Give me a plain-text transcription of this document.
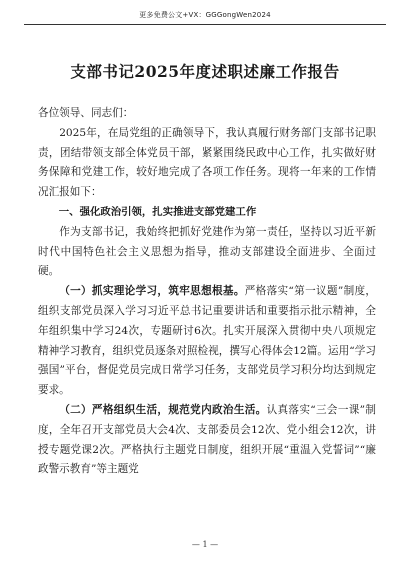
更多免费公文+VX：GGGongWen2024
支部书记2025年度述职述廉工作报告

各位领导、同志们：

2025年，在局党组的正确领导下，我认真履行财务部门支部书记职责，团结带领支部全体党员干部，紧紧围绕民政中心工作，扎实做好财务保障和党建工作，较好地完成了各项工作任务。现将一年来的工作情况汇报如下：

一、强化政治引领，扎实推进支部党建工作

作为支部书记，我始终把抓好党建作为第一责任，坚持以习近平新时代中国特色社会主义思想为指导，推动支部建设全面进步、全面过硬。

（一）抓实理论学习，筑牢思想根基。严格落实“第一议题”制度，组织支部党员深入学习习近平总书记重要讲话和重要指示批示精神，全年组织集中学习24次，专题研讨6次。扎实开展深入贯彻中央八项规定精神学习教育，组织党员逐条对照检视，撰写心得体会12篇。运用“学习强国”平台，督促党员完成日常学习任务，支部党员学习积分均达到规定要求。

（二）严格组织生活，规范党内政治生活。认真落实“三会一课”制度，全年召开支部党员大会4次、支部委员会12次、党小组会12次，讲授专题党课2次。严格执行主题党日制度，组织开展“重温入党誓词”“廉政警示教育”等主题党

— 1 —
